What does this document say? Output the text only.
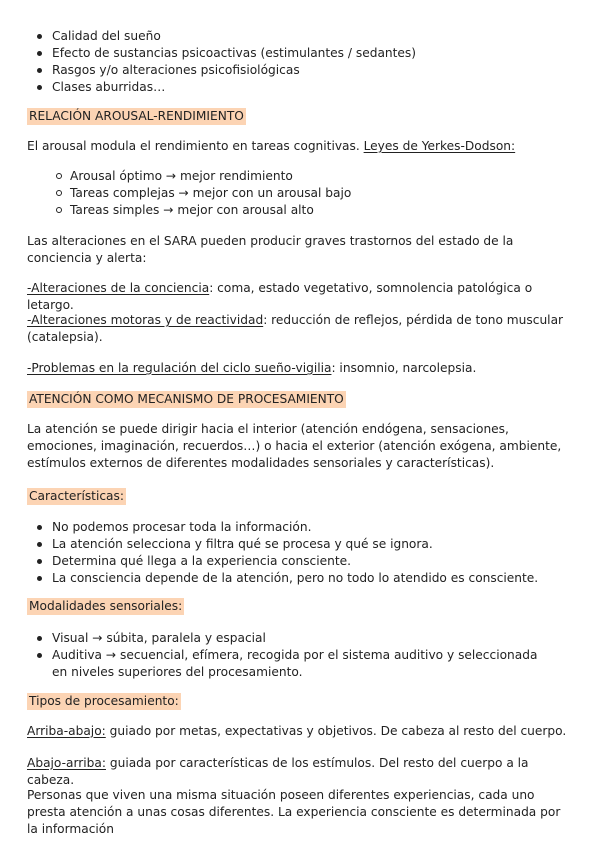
Calidad del sueño
Efecto de sustancias psicoactivas (estimulantes / sedantes)
Rasgos y/o alteraciones psicofisiológicas
Clases aburridas…
RELACIÓN AROUSAL-RENDIMIENTO

El arousal modula el rendimiento en tareas cognitivas. Leyes de Yerkes-Dodson:

Arousal óptimo → mejor rendimiento
Tareas complejas → mejor con un arousal bajo
Tareas simples → mejor con arousal alto

Las alteraciones en el SARA pueden producir graves trastornos del estado de la conciencia y alerta:

-Alteraciones de la conciencia: coma, estado vegetativo, somnolencia patológica o letargo.

-Alteraciones motoras y de reactividad: reducción de reflejos, pérdida de tono muscular (catalepsia).

-Problemas en la regulación del ciclo sueño-vigilia: insomnio, narcolepsia.

ATENCIÓN COMO MECANISMO DE PROCESAMIENTO

La atención se puede dirigir hacia el interior (atención endógena, sensaciones, emociones, imaginación, recuerdos…) o hacia el exterior (atención exógena, ambiente, estímulos externos de diferentes modalidades sensoriales y características).

Características:
No podemos procesar toda la información.
La atención selecciona y filtra qué se procesa y qué se ignora.
Determina qué llega a la experiencia consciente.
La consciencia depende de la atención, pero no todo lo atendido es consciente.
Modalidades sensoriales:
Visual → súbita, paralela y espacial
Auditiva → secuencial, efímera, recogida por el sistema auditivo y seleccionada en niveles superiores del procesamiento.
Tipos de procesamiento:

Arriba-abajo: guiado por metas, expectativas y objetivos. De cabeza al resto del cuerpo.

Abajo-arriba: guiada por características de los estímulos. Del resto del cuerpo a la cabeza.

Personas que viven una misma situación poseen diferentes experiencias, cada uno presta atención a unas cosas diferentes. La experiencia consciente es determinada por la información
